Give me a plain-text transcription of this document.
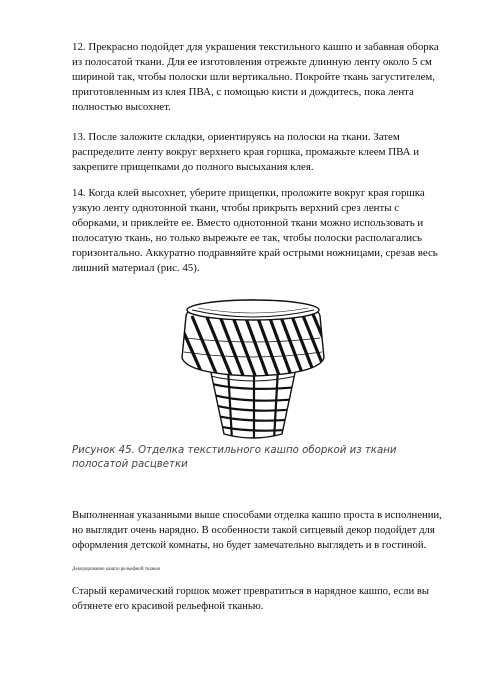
12. Прекрасно подойдет для украшения текстильного кашпо и забавная оборка из полосатой ткани. Для ее изготовления отрежьте длинную ленту около 5 см шириной так, чтобы полоски шли вертикально. Покройте ткань загустителем, приготовленным из клея ПВА, с помощью кисти и дождитесь, пока лента полностью высохнет.
13. После заложите складки, ориентируясь на полоски на ткани. Затем распределите ленту вокруг верхнего края горшка, промажьте клеем ПВА и закрепите прищепками до полного высыхания клея.
14. Когда клей высохнет, уберите прищепки, проложите вокруг края горшка узкую ленту однотонной ткани, чтобы прикрыть верхний срез ленты с оборками, и приклейте ее. Вместо однотонной ткани можно использовать и полосатую ткань, но только вырежьте ее так, чтобы полоски располагались горизонтально. Аккуратно подравняйте край острыми ножницами, срезав весь лишний материал (рис. 45).
Рисунок 45. Отделка текстильного кашпо оборкой из ткани полосатой расцветки
Выполненная указанными выше способами отделка кашпо проста в исполнении, но выглядит очень нарядно. В особенности такой ситцевый декор подойдет для оформления детской комнаты, но будет замечательно выглядеть и в гостиной.
Декорирование кашпо рельефной тканью
Старый керамический горшок может превратиться в нарядное кашпо, если вы обтянете его красивой рельефной тканью.
